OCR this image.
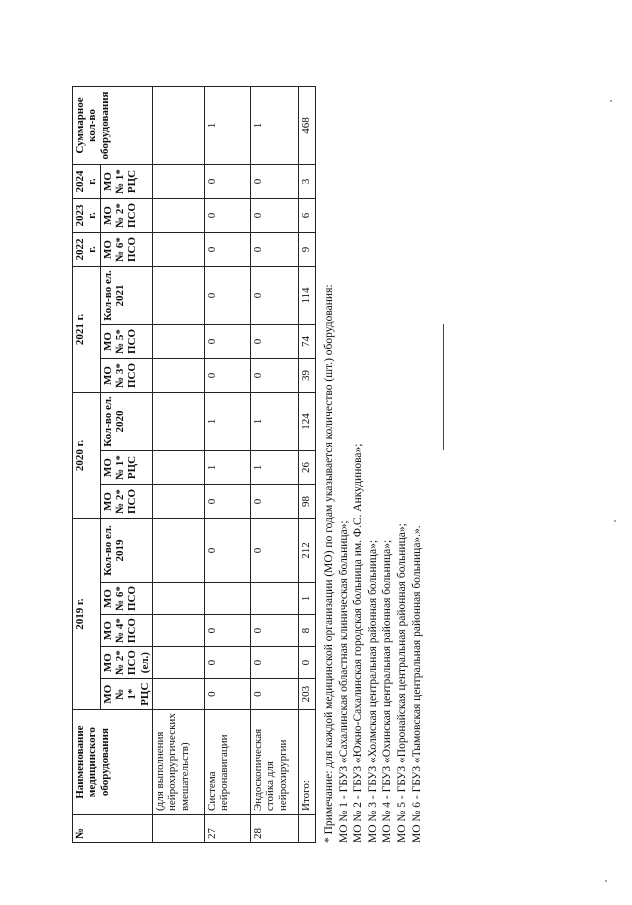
№	Наименование медицинского оборудования	2019 г.					2020 г.			2021 г.			2022 г.	2023 г.	2024 г.	Суммарное кол-во оборудования
		МО № 1* РЦС	МО № 2* ПСО (ел.)	МО № 4* ПСО	МО № 6* ПСО	Кол-во ел. 2019	МО № 2* ПСО	МО № 1* РЦС	Кол-во ел. 2020	МО № 3* ПСО	МО № 5* ПСО	Кол-во ел. 2021	МО № 6* ПСО	МО № 2* ПСО	МО № 1* РЦС	
	(для выполнения нейрохирургических вмешательств)															
27	Система нейронавигации	0	0	0		0	0	1	1	0	0	0	0	0	0	1
28	Эндоскопическая стойка для нейрохирургии	0	0	0		0	0	1	1	0	0	0	0	0	0	1
	Итого:	203	0	8	1	212	98	26	124	39	74	114	9	6	3	468
* Примечание: для каждой медицинской организации (МО) по годам указывается количество (шт.) оборудования: МО № 1 - ГБУЗ «Сахалинская областная клиническая больница»; МО № 2 - ГБУЗ «Южно-Сахалинская городская больница им. Ф.С. Анкудинова»; МО № 3 - ГБУЗ «Холмская центральная районная больница»; МО № 4 - ГБУЗ «Охинская центральная районная больница»; МО № 5 - ГБУЗ «Поронайская центральная районная больница»; МО № 6 - ГБУЗ «Тымовская центральная районная больница».».
